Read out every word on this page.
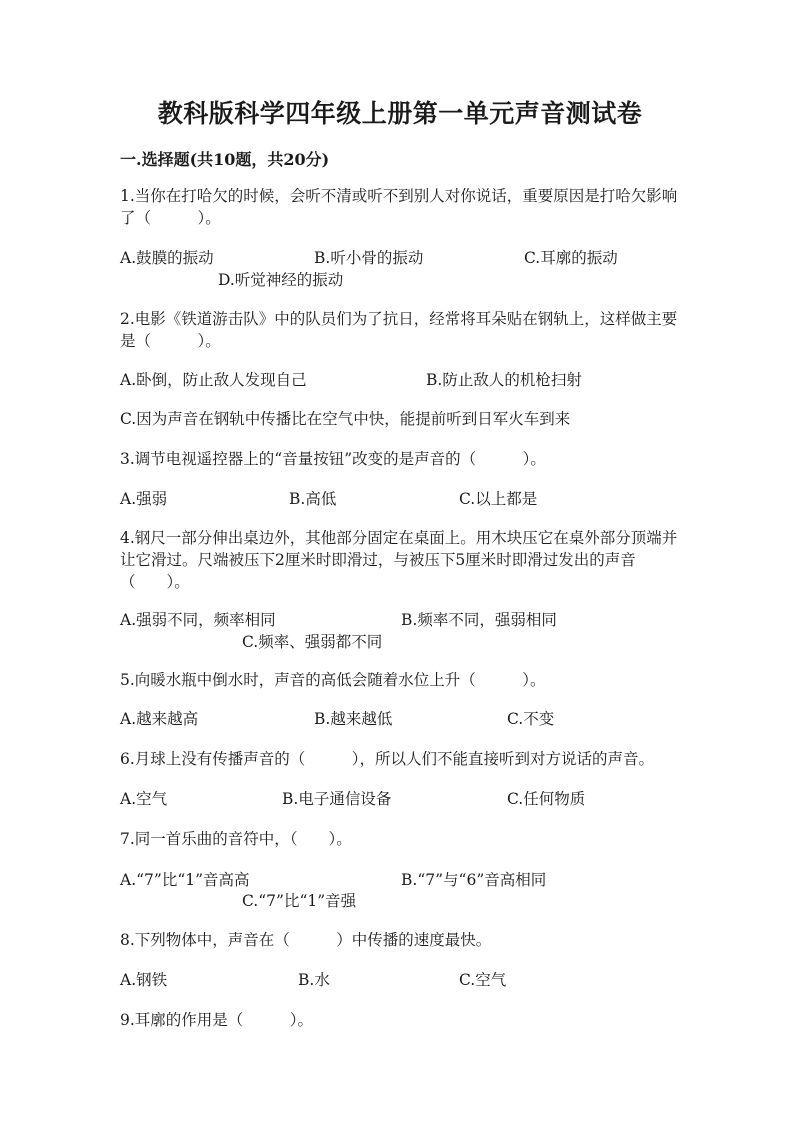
教科版科学四年级上册第一单元声音测试卷
一.选择题(共10题，共20分)
1.当你在打哈欠的时候，会听不清或听不到别人对你说话，重要原因是打哈欠影响了（　　　）。
A.鼓膜的振动	B.听小骨的振动	C.耳廓的振动
D.听觉神经的振动
2.电影《铁道游击队》中的队员们为了抗日，经常将耳朵贴在钢轨上，这样做主要是（　　　）。
A.卧倒，防止敌人发现自己	B.防止敌人的机枪扫射
C.因为声音在钢轨中传播比在空气中快，能提前听到日军火车到来
3.调节电视遥控器上的“音量按钮”改变的是声音的（　　　）。
A.强弱	B.高低	C.以上都是
4.钢尺一部分伸出桌边外，其他部分固定在桌面上。用木块压它在桌外部分顶端并让它滑过。尺端被压下2厘米时即滑过，与被压下5厘米时即滑过发出的声音（　　）。
A.强弱不同，频率相同	B.频率不同，强弱相同
C.频率、强弱都不同
5.向暖水瓶中倒水时，声音的高低会随着水位上升（　　　）。
A.越来越高	B.越来越低	C.不变
6.月球上没有传播声音的（　　　），所以人们不能直接听到对方说话的声音。
A.空气	B.电子通信设备	C.任何物质
7.同一首乐曲的音符中，（　　）。
A.“7”比“1”音高高	B.“7”与“6”音高相同
C.“7”比“1”音强
8.下列物体中，声音在（　　　）中传播的速度最快。
A.钢铁	B.水	C.空气
9.耳廓的作用是（　　　）。
